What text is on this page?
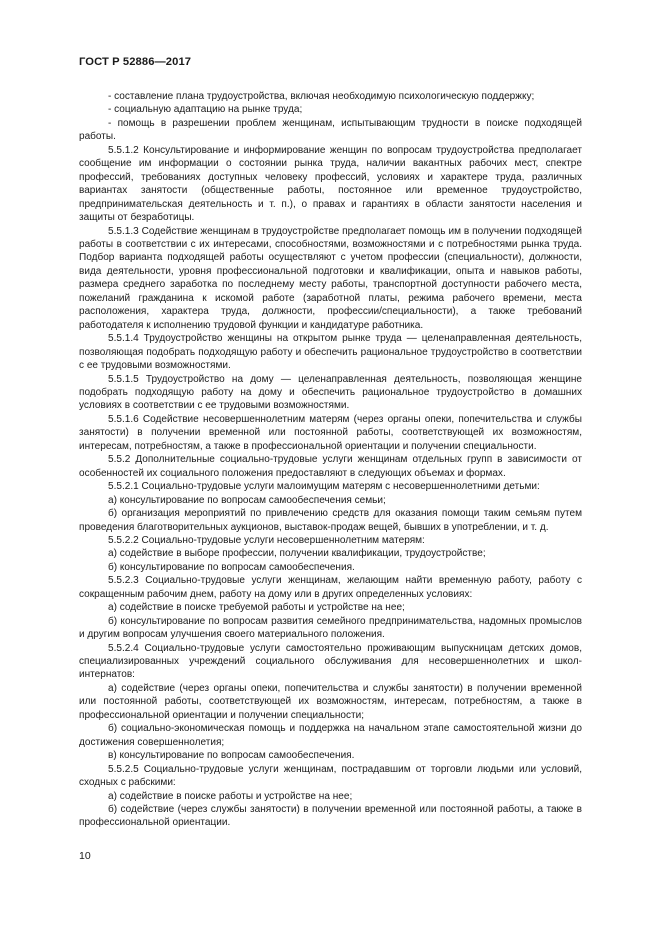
ГОСТ Р 52886—2017

- составление плана трудоустройства, включая необходимую психологическую поддержку;

- социальную адаптацию на рынке труда;

- помощь в разрешении проблем женщинам, испытывающим трудности в поиске подходящей работы.

5.5.1.2 Консультирование и информирование женщин по вопросам трудоустройства предполагает сообщение им информации о состоянии рынка труда, наличии вакантных рабочих мест, спектре профессий, требованиях доступных человеку профессий, условиях и характере труда, различных вариантах занятости (общественные работы, постоянное или временное трудоустройство, предпринимательская деятельность и т. п.), о правах и гарантиях в области занятости населения и защиты от безработицы.

5.5.1.3 Содействие женщинам в трудоустройстве предполагает помощь им в получении подходящей работы в соответствии с их интересами, способностями, возможностями и с потребностями рынка труда. Подбор варианта подходящей работы осуществляют с учетом профессии (специальности), должности, вида деятельности, уровня профессиональной подготовки и квалификации, опыта и навыков работы, размера среднего заработка по последнему месту работы, транспортной доступности рабочего места, пожеланий гражданина к искомой работе (заработной платы, режима рабочего времени, места расположения, характера труда, должности, профессии/специальности), а также требований работодателя к исполнению трудовой функции и кандидатуре работника.

5.5.1.4 Трудоустройство женщины на открытом рынке труда — целенаправленная деятельность, позволяющая подобрать подходящую работу и обеспечить рациональное трудоустройство в соответствии с ее трудовыми возможностями.

5.5.1.5 Трудоустройство на дому — целенаправленная деятельность, позволяющая женщине подобрать подходящую работу на дому и обеспечить рациональное трудоустройство в домашних условиях в соответствии с ее трудовыми возможностями.

5.5.1.6 Содействие несовершеннолетним матерям (через органы опеки, попечительства и службы занятости) в получении временной или постоянной работы, соответствующей их возможностям, интересам, потребностям, а также в профессиональной ориентации и получении специальности.

5.5.2 Дополнительные социально-трудовые услуги женщинам отдельных групп в зависимости от особенностей их социального положения предоставляют в следующих объемах и формах.

5.5.2.1 Социально-трудовые услуги малоимущим матерям с несовершеннолетними детьми:

а) консультирование по вопросам самообеспечения семьи;

б) организация мероприятий по привлечению средств для оказания помощи таким семьям путем проведения благотворительных аукционов, выставок-продаж вещей, бывших в употреблении, и т. д.

5.5.2.2 Социально-трудовые услуги несовершеннолетним матерям:

а) содействие в выборе профессии, получении квалификации, трудоустройстве;

б) консультирование по вопросам самообеспечения.

5.5.2.3 Социально-трудовые услуги женщинам, желающим найти временную работу, работу с сокращенным рабочим днем, работу на дому или в других определенных условиях:

а) содействие в поиске требуемой работы и устройстве на нее;

б) консультирование по вопросам развития семейного предпринимательства, надомных промыслов и другим вопросам улучшения своего материального положения.

5.5.2.4 Социально-трудовые услуги самостоятельно проживающим выпускницам детских домов, специализированных учреждений социального обслуживания для несовершеннолетних и школ-интернатов:

а) содействие (через органы опеки, попечительства и службы занятости) в получении временной или постоянной работы, соответствующей их возможностям, интересам, потребностям, а также в профессиональной ориентации и получении специальности;

б) социально-экономическая помощь и поддержка на начальном этапе самостоятельной жизни до достижения совершеннолетия;

в) консультирование по вопросам самообеспечения.

5.5.2.5 Социально-трудовые услуги женщинам, пострадавшим от торговли людьми или условий, сходных с рабскими:

а) содействие в поиске работы и устройстве на нее;

б) содействие (через службы занятости) в получении временной или постоянной работы, а также в профессиональной ориентации.

10
